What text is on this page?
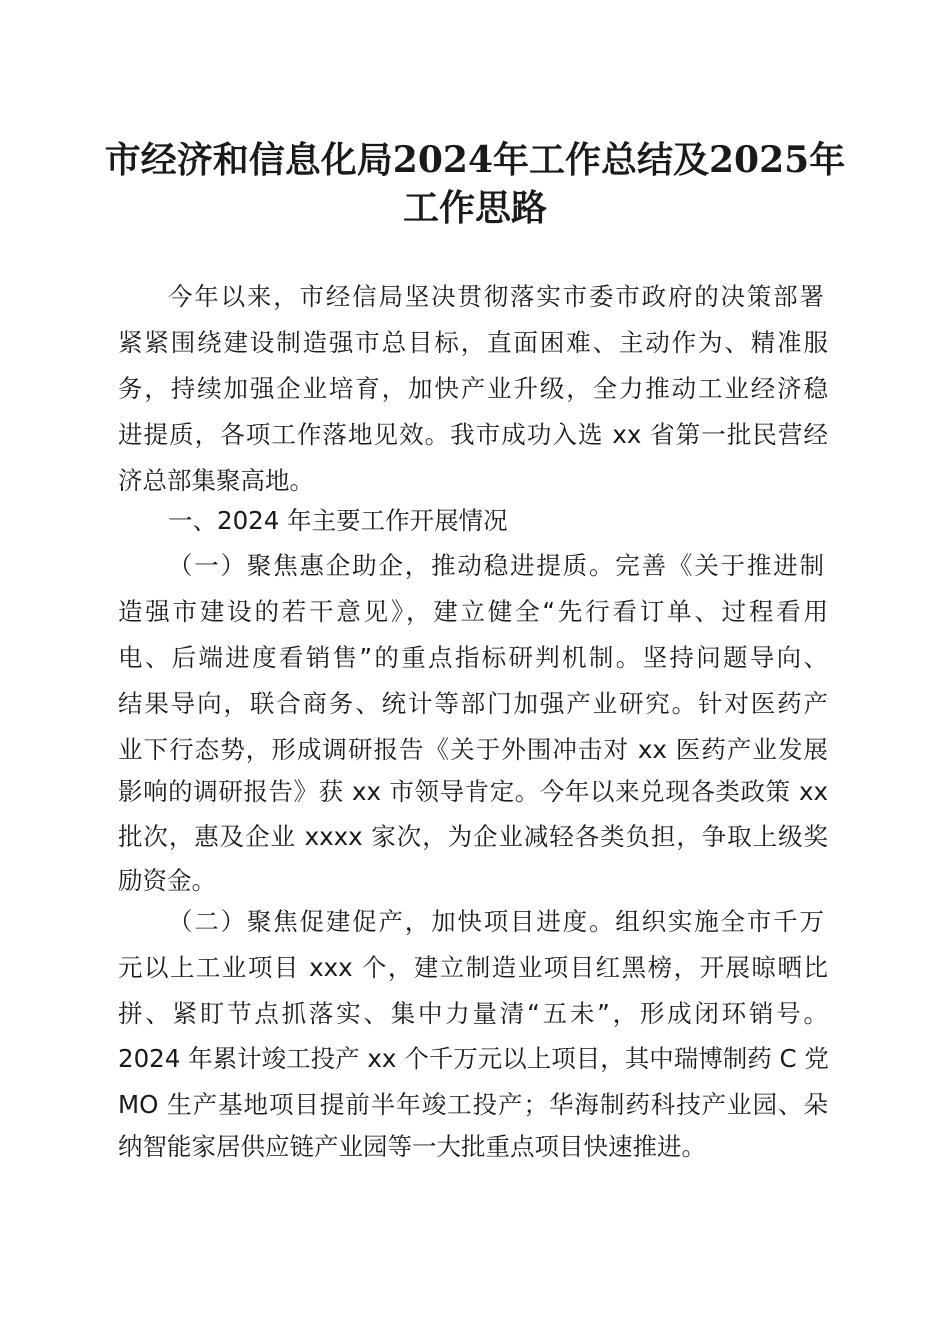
市经济和信息化局2024年工作总结及2025年
工作思路
今年以来，市经信局坚决贯彻落实市委市政府的决策部署
紧紧围绕建设制造强市总目标，直面困难、主动作为、精准服
务，持续加强企业培育，加快产业升级，全力推动工业经济稳
进提质，各项工作落地见效。我市成功入选 xx 省第一批民营经
济总部集聚高地。
一、2024 年主要工作开展情况
（一）聚焦惠企助企，推动稳进提质。完善《关于推进制
造强市建设的若干意见》，建立健全“先行看订单、过程看用
电、后端进度看销售”的重点指标研判机制。坚持问题导向、
结果导向，联合商务、统计等部门加强产业研究。针对医药产
业下行态势，形成调研报告《关于外围冲击对 xx 医药产业发展
影响的调研报告》获 xx 市领导肯定。今年以来兑现各类政策 xx
批次，惠及企业 xxxx 家次，为企业减轻各类负担，争取上级奖
励资金。
（二）聚焦促建促产，加快项目进度。组织实施全市千万
元以上工业项目 xxx 个，建立制造业项目红黑榜，开展晾晒比
拼、紧盯节点抓落实、集中力量清“五未”，形成闭环销号。
2024 年累计竣工投产 xx 个千万元以上项目，其中瑞博制药 C 党
MO 生产基地项目提前半年竣工投产；华海制药科技产业园、朵
纳智能家居供应链产业园等一大批重点项目快速推进。
